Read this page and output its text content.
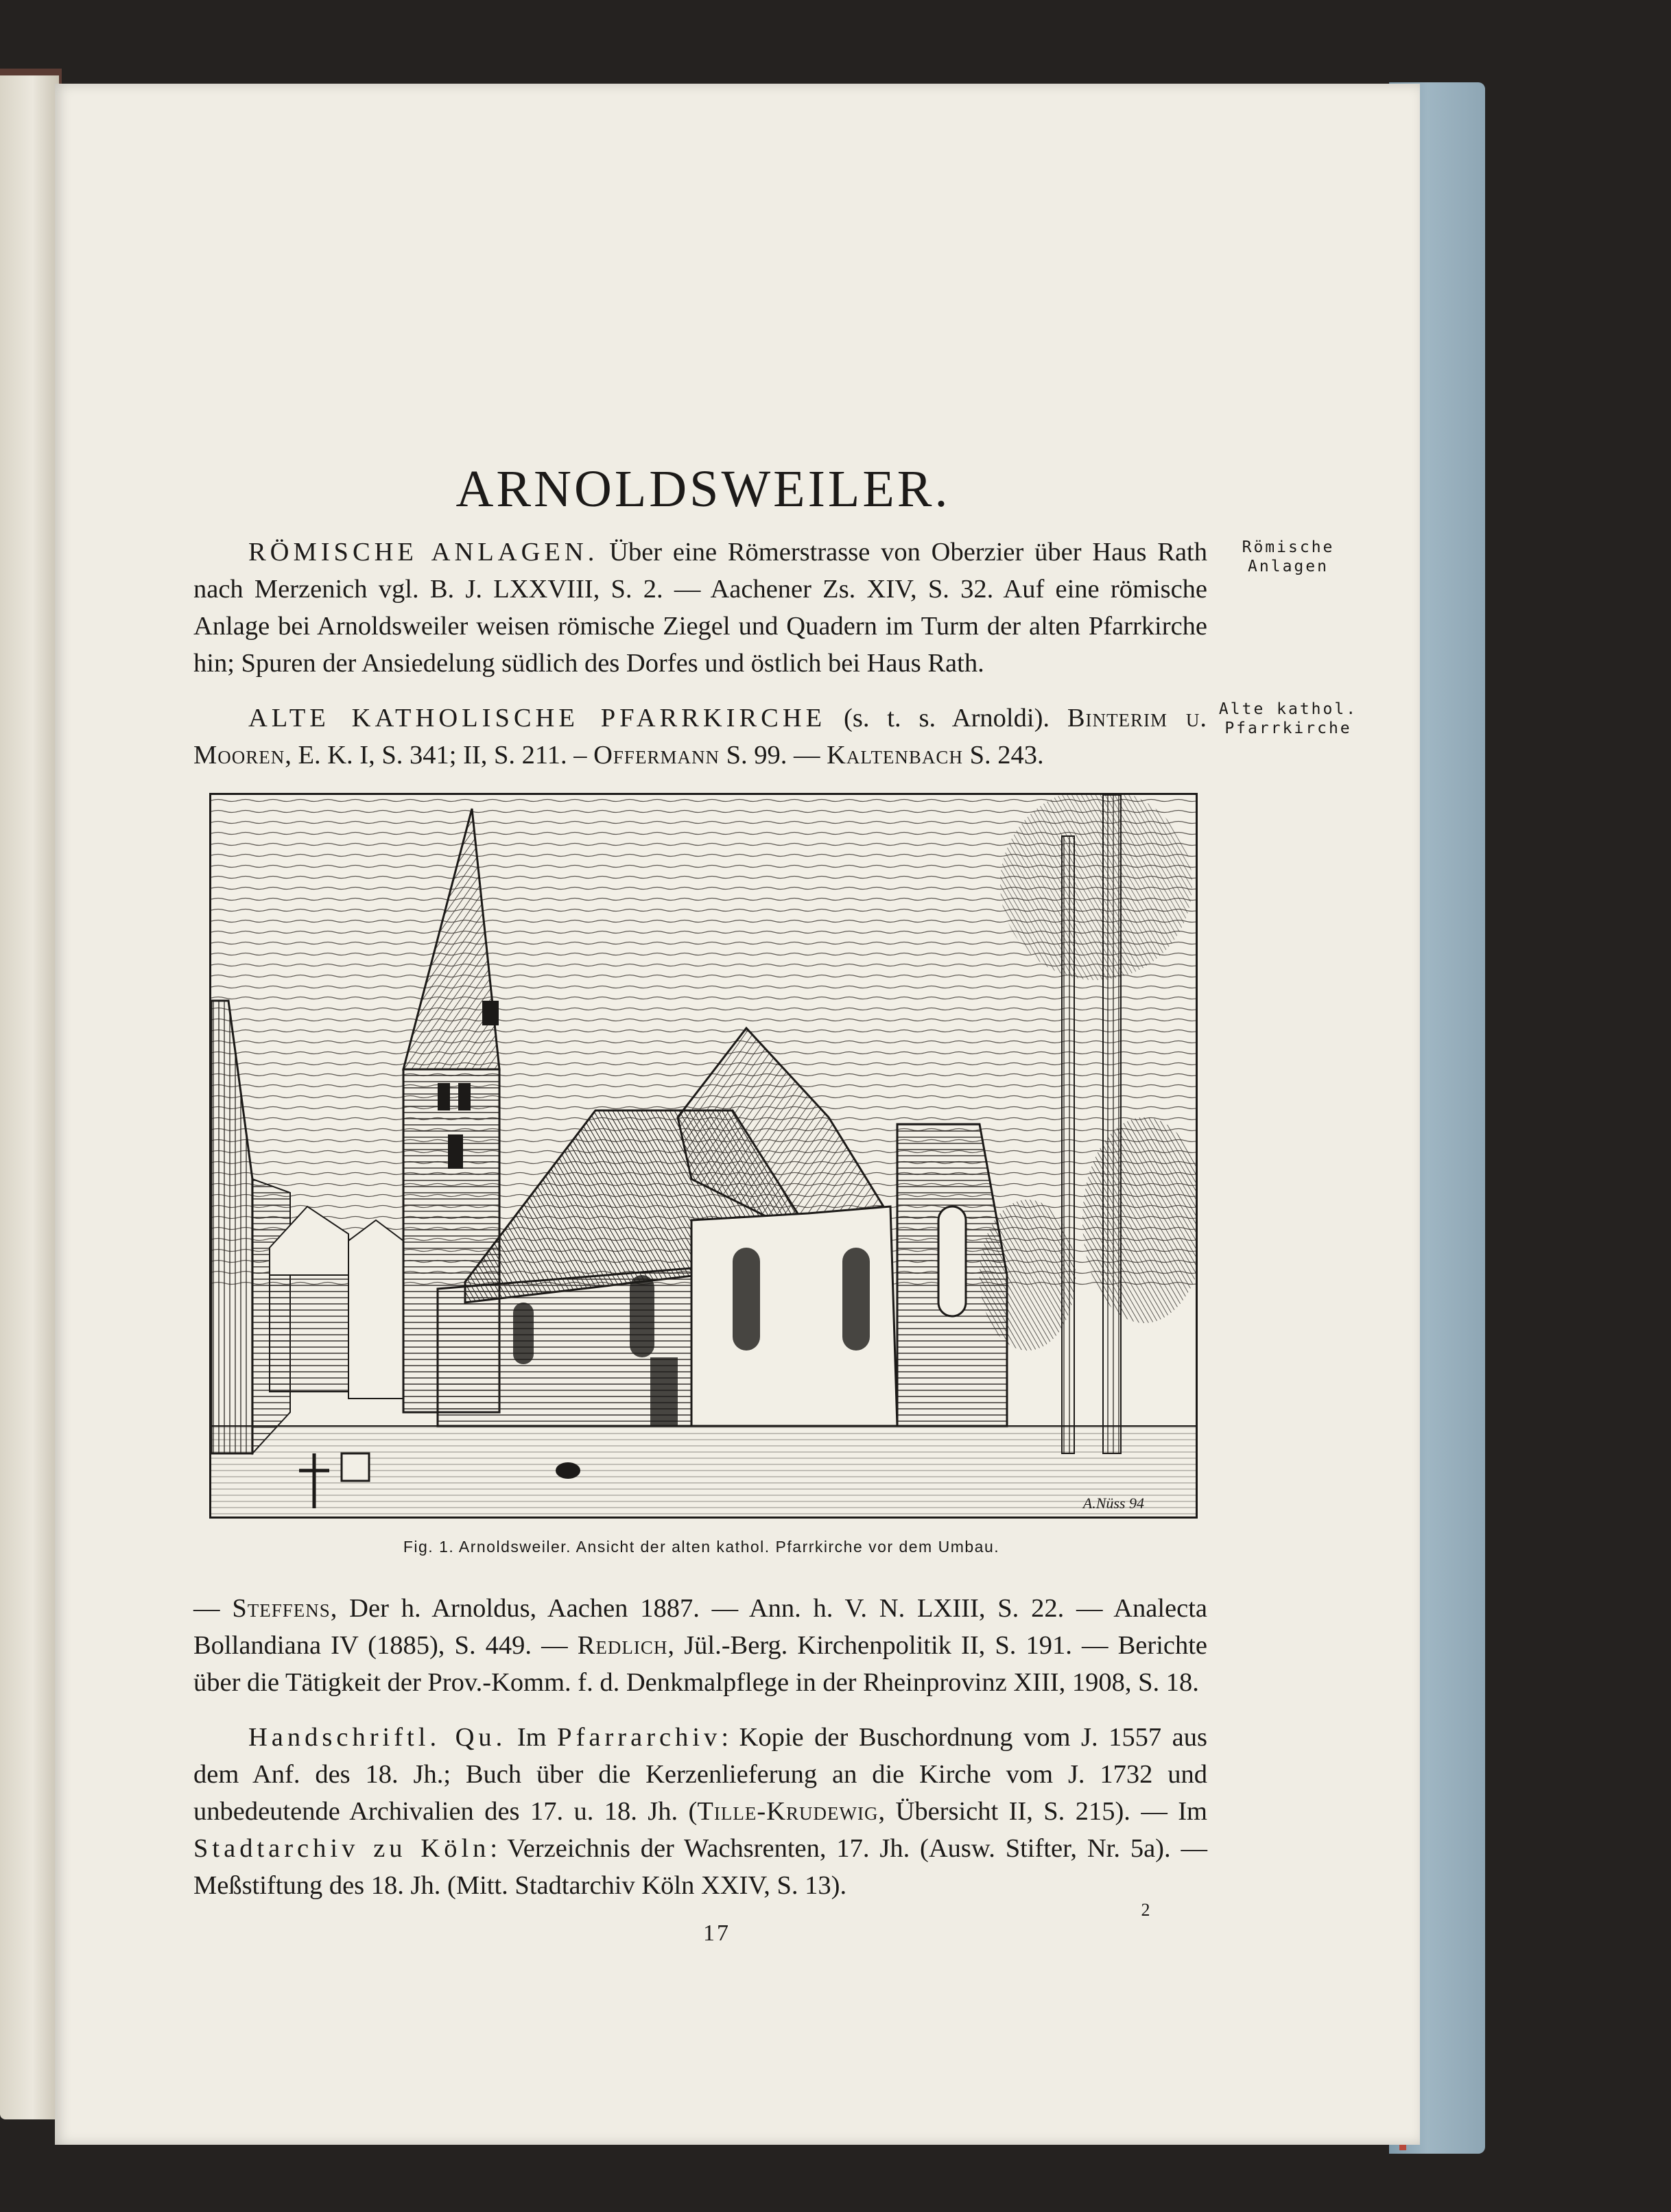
ARNOLDSWEILER.

RÖMISCHE ANLAGEN. Über eine Römerstrasse von Oberzier über Haus Rath nach Merzenich vgl. B. J. LXXVIII, S. 2. — Aachener Zs. XIV, S. 32. Auf eine römische Anlage bei Arnoldsweiler weisen römische Ziegel und Quadern im Turm der alten Pfarrkirche hin; Spuren der Ansiedelung südlich des Dorfes und östlich bei Haus Rath.

Römische
Anlagen

ALTE KATHOLISCHE PFARRKIRCHE (s. t. s. Arnoldi). Binterim u. Mooren, E. K. I, S. 341; II, S. 211. – Offermann S. 99. — Kaltenbach S. 243.

Alte kathol.
Pfarrkirche
A.Nüss 94
Fig. 1. Arnoldsweiler. Ansicht der alten kathol. Pfarrkirche vor dem Umbau.

— Steffens, Der h. Arnoldus, Aachen 1887. — Ann. h. V. N. LXIII, S. 22. — Analecta Bollandiana IV (1885), S. 449. — Redlich, Jül.-Berg. Kirchenpolitik II, S. 191. — Berichte über die Tätigkeit der Prov.-Komm. f. d. Denkmalpflege in der Rheinprovinz XIII, 1908, S. 18.

Handschriftl. Qu. Im Pfarrarchiv: Kopie der Buschordnung vom J. 1557 aus dem Anf. des 18. Jh.; Buch über die Kerzenlieferung an die Kirche vom J. 1732 und unbedeutende Archivalien des 17. u. 18. Jh. (Tille-Krudewig, Übersicht II, S. 215). — Im Stadtarchiv zu Köln: Verzeichnis der Wachsrenten, 17. Jh. (Ausw. Stifter, Nr. 5a). — Meßstiftung des 18. Jh. (Mitt. Stadtarchiv Köln XXIV, S. 13).

2
17
